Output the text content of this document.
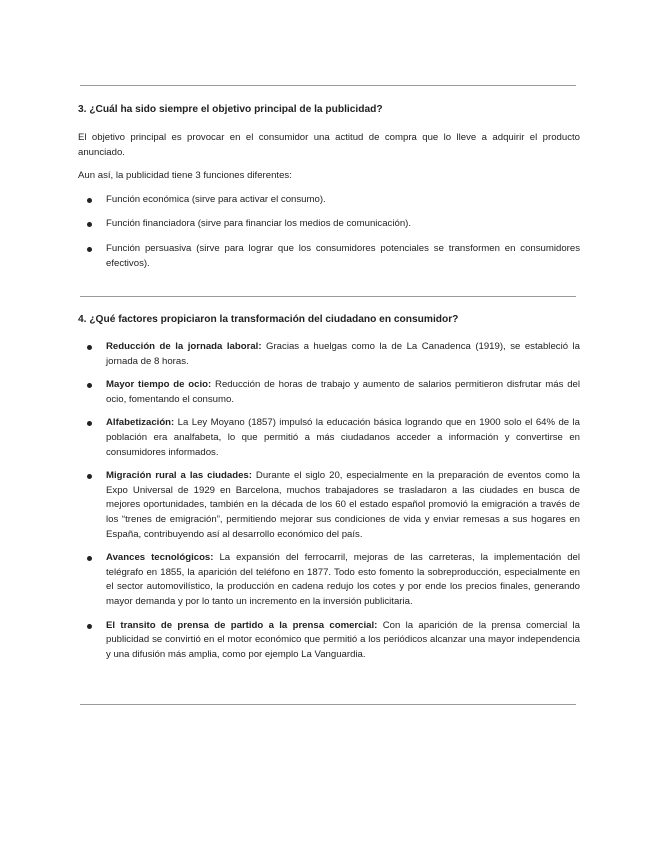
3. ¿Cuál ha sido siempre el objetivo principal de la publicidad?

El objetivo principal es provocar en el consumidor una actitud de compra que lo lleve a adquirir el producto anunciado.

Aun así, la publicidad tiene 3 funciones diferentes:

Función económica (sirve para activar el consumo).
Función financiadora (sirve para financiar los medios de comunicación).
Función persuasiva (sirve para lograr que los consumidores potenciales se transformen en consumidores efectivos).

4. ¿Qué factores propiciaron la transformación del ciudadano en consumidor?

Reducción de la jornada laboral: Gracias a huelgas como la de La Canadenca (1919), se estableció la jornada de 8 horas.
Mayor tiempo de ocio: Reducción de horas de trabajo y aumento de salarios permitieron disfrutar más del ocio, fomentando el consumo.
Alfabetización: La Ley Moyano (1857) impulsó la educación básica logrando que en 1900 solo el 64% de la población era analfabeta, lo que permitió a más ciudadanos acceder a información y convertirse en consumidores informados.
Migración rural a las ciudades: Durante el siglo 20, especialmente en la preparación de eventos como la Expo Universal de 1929 en Barcelona, muchos trabajadores se trasladaron a las ciudades en busca de mejores oportunidades, también en la década de los 60 el estado español promovió la emigración a través de los “trenes de emigración”, permitiendo mejorar sus condiciones de vida y enviar remesas a sus hogares en España, contribuyendo así al desarrollo económico del país.
Avances tecnológicos: La expansión del ferrocarril, mejoras de las carreteras, la implementación del telégrafo en 1855, la aparición del teléfono en 1877. Todo esto fomento la sobreproducción, especialmente en el sector automovilístico, la producción en cadena redujo los cotes y por ende los precios finales, generando mayor demanda y por lo tanto un incremento en la inversión publicitaria.
El transito de prensa de partido a la prensa comercial: Con la aparición de la prensa comercial la publicidad se convirtió en el motor económico que permitió a los periódicos alcanzar una mayor independencia y una difusión más amplia, como por ejemplo La Vanguardia.
